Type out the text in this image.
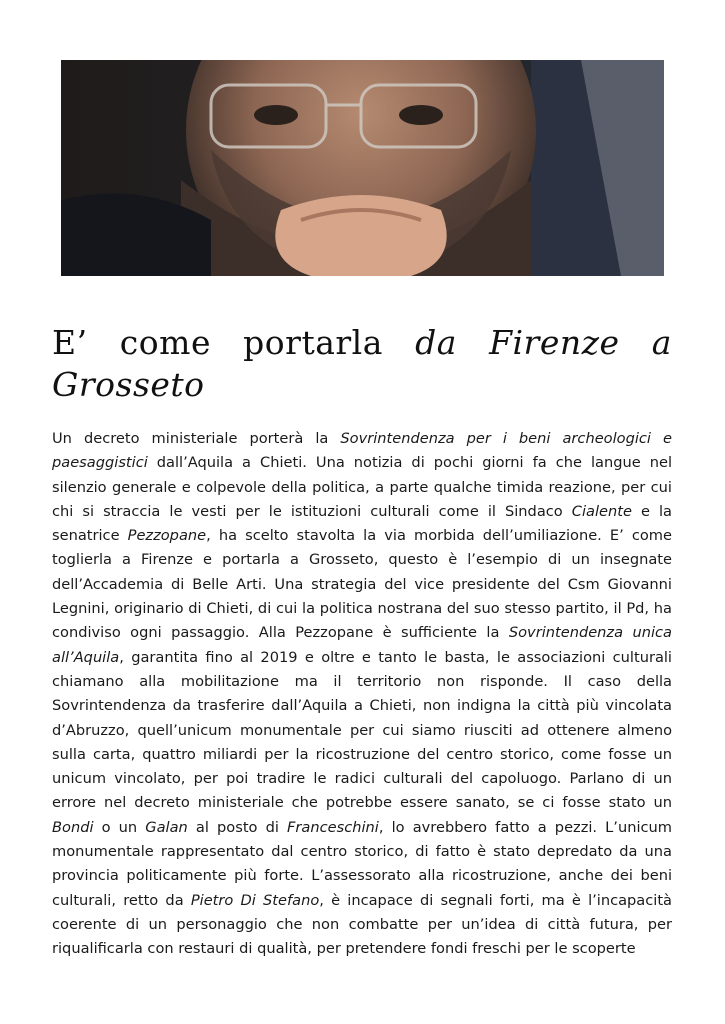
E’ come portarla da Firenze a
Grosseto

Un decreto ministeriale porterà la Sovrintendenza per i beni archeologici e paesaggistici dall’Aquila a Chieti. Una notizia di pochi giorni fa che langue nel silenzio generale e colpevole della politica, a parte qualche timida reazione, per cui chi si straccia le vesti per le istituzioni culturali come il Sindaco Cialente e la senatrice Pezzopane, ha scelto stavolta la via morbida dell’umiliazione. E’ come toglierla a Firenze e portarla a Grosseto, questo è l’esempio di un insegnate dell’Accademia di Belle Arti. Una strategia del vice presidente del Csm Giovanni Legnini, originario di Chieti, di cui la politica nostrana del suo stesso partito, il Pd, ha condiviso ogni passaggio. Alla Pezzopane è sufficiente la Sovrintendenza unica all’Aquila, garantita fino al 2019 e oltre e tanto le basta, le associazioni culturali chiamano alla mobilitazione ma il territorio non risponde. Il caso della Sovrintendenza da trasferire dall’Aquila a Chieti, non indigna la città più vincolata d’Abruzzo, quell’unicum monumentale per cui siamo riusciti ad ottenere almeno sulla carta, quattro miliardi per la ricostruzione del centro storico, come fosse un unicum vincolato, per poi tradire le radici culturali del capoluogo. Parlano di un errore nel decreto ministeriale che potrebbe essere sanato, se ci fosse stato un Bondi o un Galan al posto di Franceschini, lo avrebbero fatto a pezzi. L’unicum monumentale rappresentato dal centro storico, di fatto è stato depredato da una provincia politicamente più forte. L’assessorato alla ricostruzione, anche dei beni culturali, retto da Pietro Di Stefano, è incapace di segnali forti, ma è l’incapacità coerente di un personaggio che non combatte per un’idea di città futura, per riqualificarla con restauri di qualità, per pretendere fondi freschi per le scoperte
